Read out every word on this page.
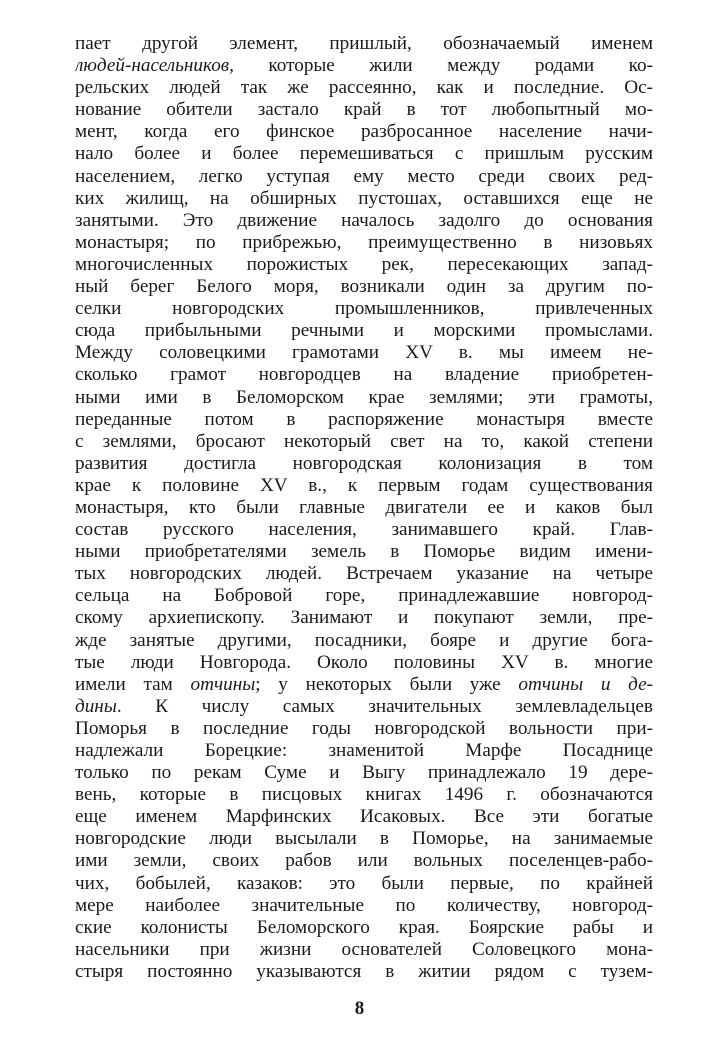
пает другой элемент, пришлый, обозначаемый именем
людей-насельников, которые жили между родами ко-
рельских людей так же рассеянно, как и последние. Ос-
нование обители застало край в тот любопытный мо-
мент, когда его финское разбросанное население начи-
нало более и более перемешиваться с пришлым русским
населением, легко уступая ему место среди своих ред-
ких жилищ, на обширных пустошах, оставшихся еще не
занятыми. Это движение началось задолго до основания
монастыря; по прибрежью, преимущественно в низовьях
многочисленных порожистых рек, пересекающих запад-
ный берег Белого моря, возникали один за другим по-
селки новгородских промышленников, привлеченных
сюда прибыльными речными и морскими промыслами.
Между соловецкими грамотами XV в. мы имеем не-
сколько грамот новгородцев на владение приобретен-
ными ими в Беломорском крае землями; эти грамоты,
переданные потом в распоряжение монастыря вместе
с землями, бросают некоторый свет на то, какой степени
развития достигла новгородская колонизация в том
крае к половине XV в., к первым годам существования
монастыря, кто были главные двигатели ее и каков был
состав русского населения, занимавшего край. Глав-
ными приобретателями земель в Поморье видим имени-
тых новгородских людей. Встречаем указание на четыре
сельца на Бобровой горе, принадлежавшие новгород-
скому архиепископу. Занимают и покупают земли, пре-
жде занятые другими, посадники, бояре и другие бога-
тые люди Новгорода. Около половины XV в. многие
имели там отчины; у некоторых были уже отчины и де-
дины. К числу самых значительных землевладельцев
Поморья в последние годы новгородской вольности при-
надлежали Борецкие: знаменитой Марфе Посаднице
только по рекам Суме и Выгу принадлежало 19 дере-
вень, которые в писцовых книгах 1496 г. обозначаются
еще именем Марфинских Исаковых. Все эти богатые
новгородские люди высылали в Поморье, на занимаемые
ими земли, своих рабов или вольных поселенцев-рабо-
чих, бобылей, казаков: это были первые, по крайней
мере наиболее значительные по количеству, новгород-
ские колонисты Беломорского края. Боярские рабы и
насельники при жизни основателей Соловецкого мона-
стыря постоянно указываются в житии рядом с тузем-
8
